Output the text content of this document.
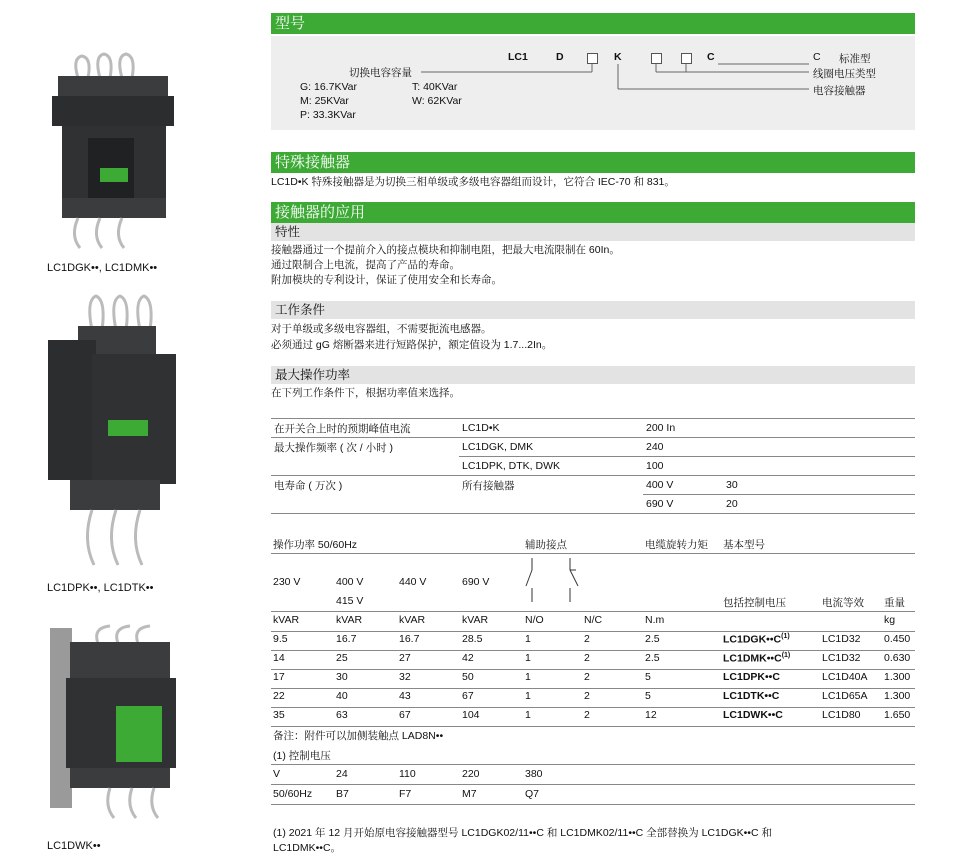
LC1DGK••, LC1DMK••
LC1DPK••, LC1DTK••
LC1DWK••
型号
LC1	D	K	C	C 标准型
线圈电压类型
电容接触器
切换电容容量
G: 16.7KVar
M: 25KVar
P: 33.3KVar
T: 40KVar
W: 62KVar
特殊接触器
LC1D•K 特殊接触器是为切换三相单级或多级电容器组而设计，它符合 IEC-70 和 831。
接触器的应用
特性
接触器通过一个提前介入的接点模块和抑制电阻，把最大电流限制在 60In。
通过限制合上电流，提高了产品的寿命。
附加模块的专利设计，保证了使用安全和长寿命。
工作条件
对于单级或多级电容器组，不需要扼流电感器。
必须通过 gG 熔断器来进行短路保护，额定值设为 1.7...2In。
最大操作功率
在下列工作条件下，根据功率值来选择。
在开关合上时的预期峰值电流	LC1D•K	200 In	
最大操作频率 ( 次 / 小时 )	LC1DGK, DMK	240	
	LC1DPK, DTK, DWK	100	
电寿命 ( 万次 )	所有接触器	400 V	30
		690 V	20
操作功率 50/60Hz	辅助接点	电缆旋转力矩 基本型号
230 V	400 V
415 V
440 V	690 V
包括控制电压	电流等效 重量
kVAR	kVAR	kVAR	kVAR	N/O	N/C	N.m	kg
9.5	16.7	16.7	28.5	1	2	2.5	$LC1DGK••C^{(1)}$	LC1D32 0.450
14	25	27	42	1	2	2.5	$LC1DMK••C^{(1)}$	LC1D32 0.630
17	30	32	50	1	2	5	LC1DPK••C	LC1D40A 1.300
22	40	43	67	1	2	5	LC1DTK••C	LC1D65A 1.300
35	63	67	104	1	2	12	LC1DWK••C	LC1D80 1.650
备注：附件可以加侧装触点 LAD8N••
(1) 控制电压
V	24	110	220	380
50/60Hz B7	F7	M7	Q7
(1) 2021 年 12 月开始原电容接触器型号 LC1DGK02/11••C 和 LC1DMK02/11••C 全部替换为 LC1DGK••C 和
LC1DMK••C。
